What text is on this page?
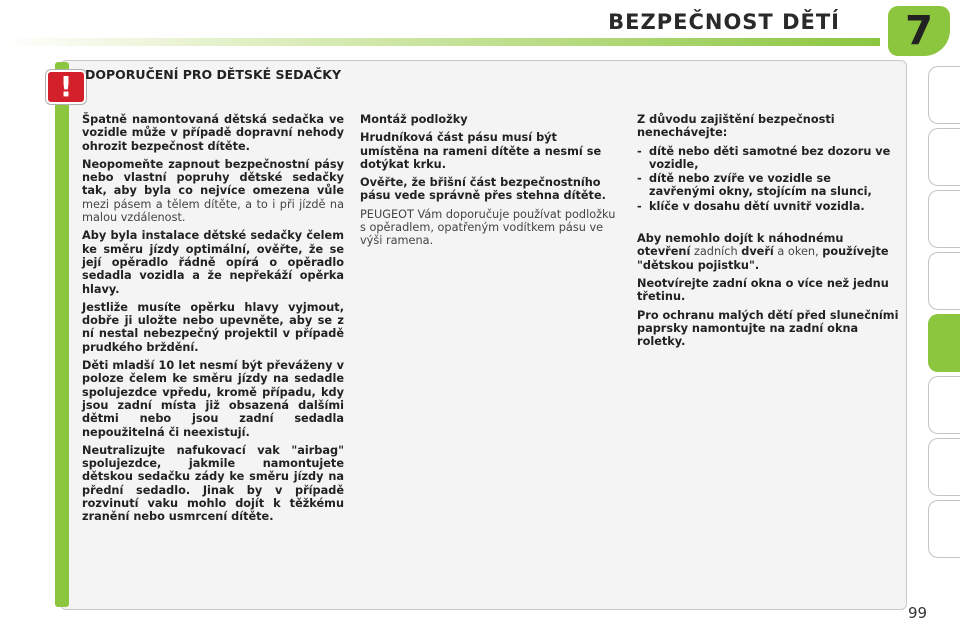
BEZPEČNOST DĚTÍ	7
!	DOPORUČENÍ PRO DĚTSKÉ SEDAČKY

Špatně namontovaná dětská sedačka ve vozidle může v případě dopravní nehody ohrozit bezpečnost dítěte.

Neopomeňte zapnout bezpečnostní pásy nebo vlastní popruhy dětské sedačky tak, aby byla co nejvíce omezena vůle mezi pásem a tělem dítěte, a to i při jízdě na malou vzdálenost.

Aby byla instalace dětské sedačky čelem ke směru jízdy optimální, ověřte, že se její opěradlo řádně opírá o opěradlo sedadla vozidla a že nepřekáží opěrka hlavy.

Jestliže musíte opěrku hlavy vyjmout, dobře ji uložte nebo upevněte, aby se z ní nestal nebezpečný projektil v případě prudkého brždění.

Děti mladší 10 let nesmí být převáženy v poloze čelem ke směru jízdy na sedadle spolujezdce vpředu, kromě případu, kdy jsou zadní místa již obsazená dalšími dětmi nebo jsou zadní sedadla nepoužitelná či neexistují.

Neutralizujte nafukovací vak "airbag" spolujezdce, jakmile namontujete dětskou sedačku zády ke směru jízdy na přední sedadlo. Jinak by v případě rozvinutí vaku mohlo dojít k těžkému zranění nebo usmrcení dítěte.

Montáž podložky

Hrudníková část pásu musí být umístěna na rameni dítěte a nesmí se dotýkat krku.

Ověřte, že břišní část bezpečnostního pásu vede správně přes stehna dítěte.

PEUGEOT Vám doporučuje používat podložku s opěradlem, opatřeným vodítkem pásu ve výši ramena.

Z důvodu zajištění bezpečnosti nenechávejte:

- dítě nebo děti samotné bez dozoru ve vozidle,
- dítě nebo zvíře ve vozidle se zavřenými okny, stojícím na slunci,
- klíče v dosahu dětí uvnitř vozidla.

Aby nemohlo dojít k náhodnému otevření zadních dveří a oken, používejte "dětskou pojistku".

Neotvírejte zadní okna o více než jednu třetinu.

Pro ochranu malých dětí před slunečními paprsky namontujte na zadní okna roletky.

99
